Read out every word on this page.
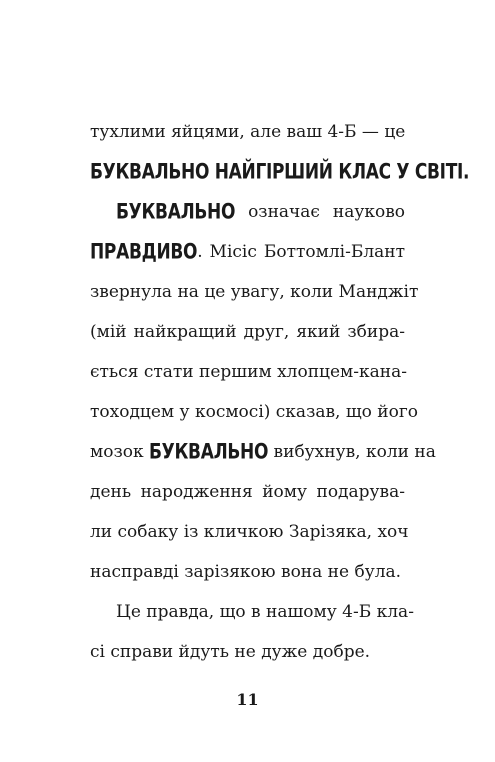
тухлими яйцями, але ваш 4-Б — це
БУКВАЛЬНО НАЙГІРШИЙ КЛАС У СВІТІ.
БУКВАЛЬНО означає науково
ПРАВДИВО. Місіс Боттомлі-Блант
звернула на це увагу, коли Манджіт
(мій найкращий друг, який збира-
ється стати першим хлопцем-кана-
тоходцем у космосі) сказав, що його
мозок БУКВАЛЬНО вибухнув, коли на
день народження йому подарува-
ли собаку із кличкою Зарізяка, хоч
насправді зарізякою вона не була.
Це правда, що в нашому 4-Б кла-
сі справи йдуть не дуже добре.
11
